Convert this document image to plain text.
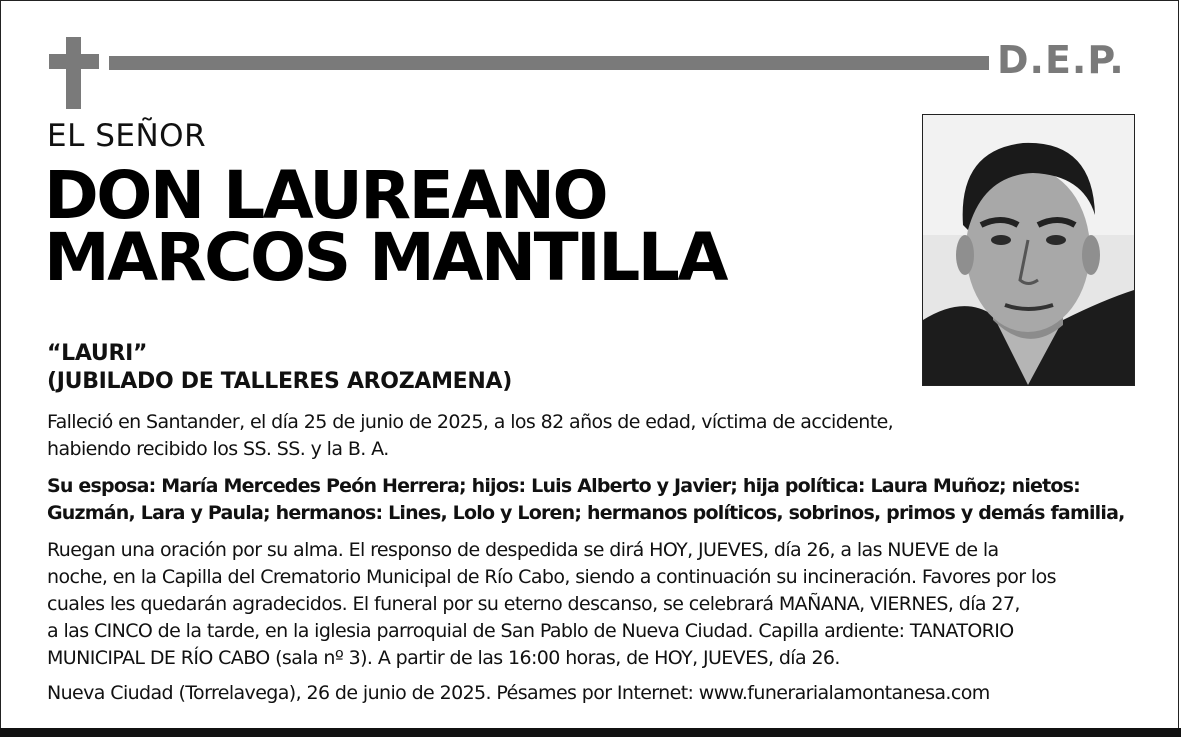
D.E.P.
EL SEÑOR
DON LAUREANO
MARCOS MANTILLA
“LAURI”
(JUBILADO DE TALLERES AROZAMENA)
Falleció en Santander, el día 25 de junio de 2025, a los 82 años de edad, víctima de accidente,
habiendo recibido los SS. SS. y la B. A.
Su esposa: María Mercedes Peón Herrera; hijos: Luis Alberto y Javier; hija política: Laura Muñoz; nietos:
Guzmán, Lara y Paula; hermanos: Lines, Lolo y Loren; hermanos políticos, sobrinos, primos y demás familia,
Ruegan una oración por su alma. El responso de despedida se dirá HOY, JUEVES, día 26, a las NUEVE de la
noche, en la Capilla del Crematorio Municipal de Río Cabo, siendo a continuación su incineración. Favores por los
cuales les quedarán agradecidos. El funeral por su eterno descanso, se celebrará MAÑANA, VIERNES, día 27,
a las CINCO de la tarde, en la iglesia parroquial de San Pablo de Nueva Ciudad. Capilla ardiente: TANATORIO
MUNICIPAL DE RÍO CABO (sala nº 3). A partir de las 16:00 horas, de HOY, JUEVES, día 26.
Nueva Ciudad (Torrelavega), 26 de junio de 2025. Pésames por Internet: www.funerarialamontanesa.com
